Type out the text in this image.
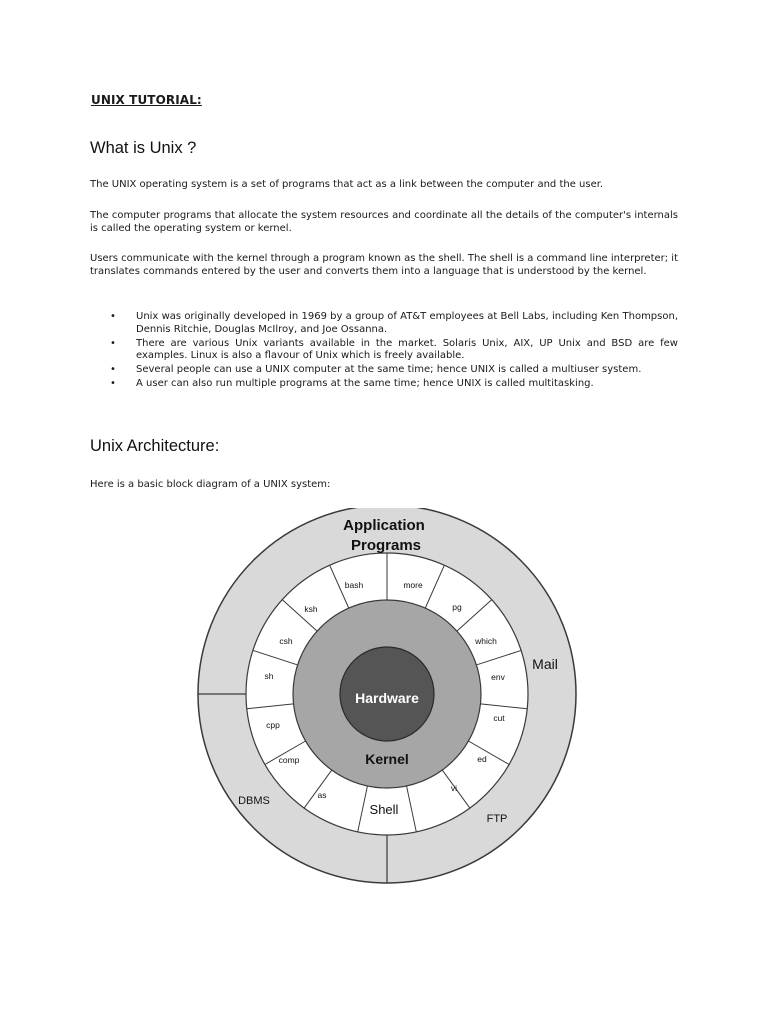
UNIX TUTORIAL:
What is Unix ?

The UNIX operating system is a set of programs that act as a link between the computer and the user.

The computer programs that allocate the system resources and coordinate all the details of the computer's internals is called the operating system or kernel.

Users communicate with the kernel through a program known as the shell. The shell is a command line interpreter; it translates commands entered by the user and converts them into a language that is understood by the kernel.

• Unix was originally developed in 1969 by a group of AT&T employees at Bell Labs, including Ken Thompson, Dennis Ritchie, Douglas McIlroy, and Joe Ossanna.
• There are various Unix variants available in the market. Solaris Unix, AIX, UP Unix and BSD are few examples. Linux is also a flavour of Unix which is freely available.
• Several people can use a UNIX computer at the same time; hence UNIX is called a multiuser system.
• A user can also run multiple programs at the same time; hence UNIX is called multitasking.
Unix Architecture:

Here is a basic block diagram of a UNIX system:

Hardware
Kernel
Application
Programs
Mail
DBMS
FTP
bash	more
pg
which
env
cut
ed
vi
Shell
as
comp
cpp
sh
csh
ksh
